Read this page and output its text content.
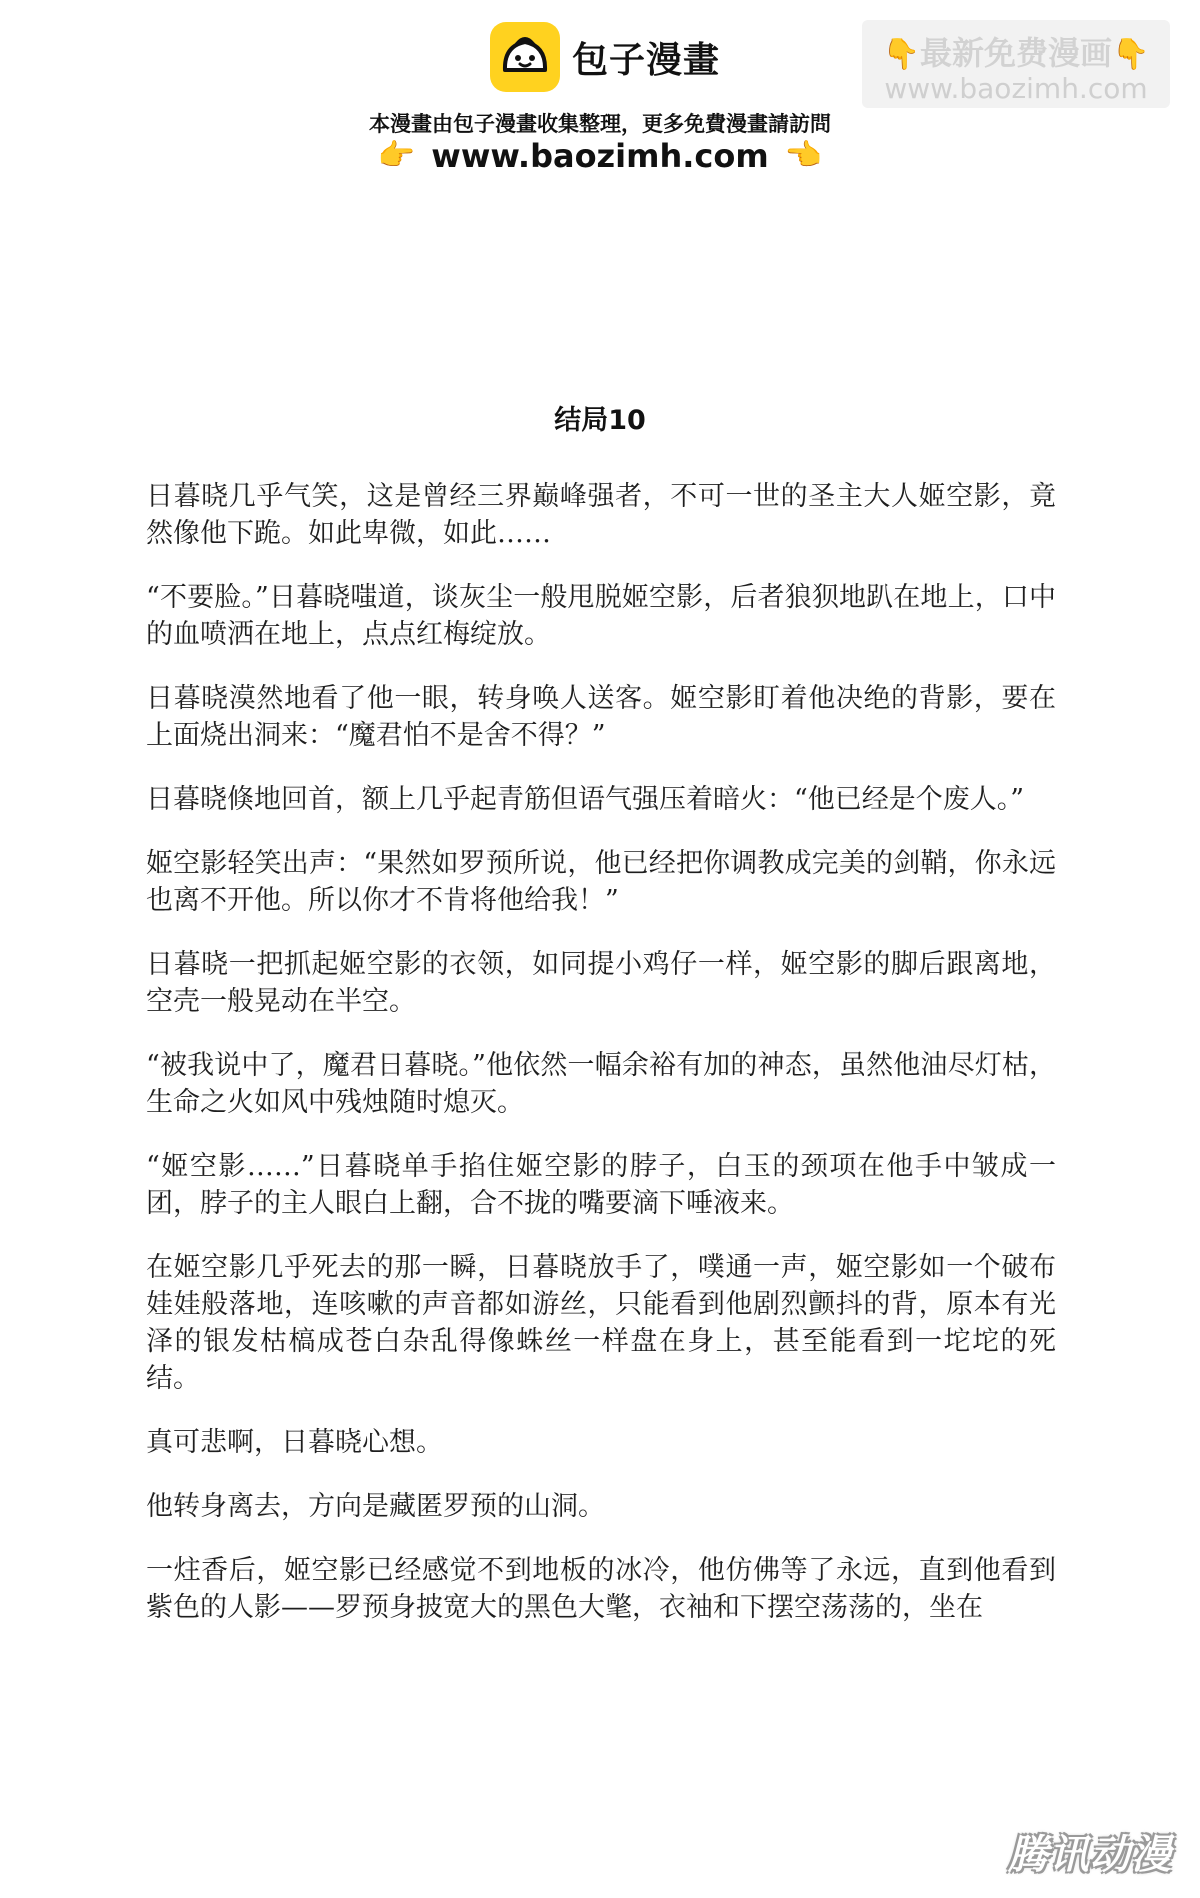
包子漫畫
本漫畫由包子漫畫收集整理，更多免費漫畫請訪問
👉 www.baozimh.com 👈
👇最新免费漫画👇
www.baozimh.com
结局10

日暮晓几乎气笑，这是曾经三界巅峰强者，不可一世的圣主大人姬空影，竟然像他下跪。如此卑微，如此……

“不要脸。”日暮晓嗤道，谈灰尘一般甩脱姬空影，后者狼狈地趴在地上，口中的血喷洒在地上，点点红梅绽放。

日暮晓漠然地看了他一眼，转身唤人送客。姬空影盯着他决绝的背影，要在上面烧出洞来：“魔君怕不是舍不得？”

日暮晓倏地回首，额上几乎起青筋但语气强压着暗火：“他已经是个废人。”

姬空影轻笑出声：“果然如罗预所说，他已经把你调教成完美的剑鞘，你永远也离不开他。所以你才不肯将他给我！”

日暮晓一把抓起姬空影的衣领，如同提小鸡仔一样，姬空影的脚后跟离地，空壳一般晃动在半空。

“被我说中了，魔君日暮晓。”他依然一幅余裕有加的神态，虽然他油尽灯枯，生命之火如风中残烛随时熄灭。

“姬空影……”日暮晓单手掐住姬空影的脖子，白玉的颈项在他手中皱成一团，脖子的主人眼白上翻，合不拢的嘴要滴下唾液来。

在姬空影几乎死去的那一瞬，日暮晓放手了，噗通一声，姬空影如一个破布娃娃般落地，连咳嗽的声音都如游丝，只能看到他剧烈颤抖的背，原本有光泽的银发枯槁成苍白杂乱得像蛛丝一样盘在身上，甚至能看到一坨坨的死结。

真可悲啊，日暮晓心想。

他转身离去，方向是藏匿罗预的山洞。

一炷香后，姬空影已经感觉不到地板的冰冷，他仿佛等了永远，直到他看到紫色的人影——罗预身披宽大的黑色大氅，衣袖和下摆空荡荡的，坐在

腾讯动漫
